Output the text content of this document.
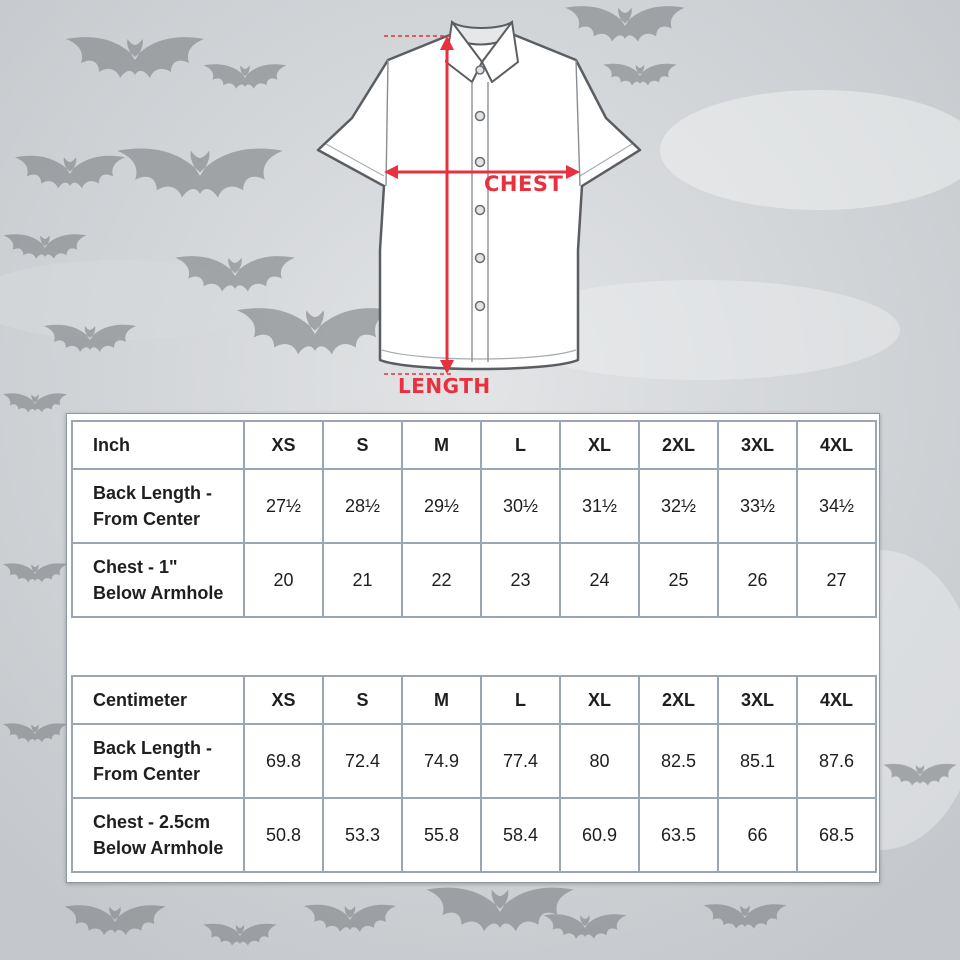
CHEST
LENGTH
Inch	XS	S	M	L	XL	2XL	3XL	4XL
Back Length -
From Center	27½	28½	29½	30½	31½	32½	33½	34½
Chest - 1"
Below Armhole	20	21	22	23	24	25	26	27
Centimeter	XS	S	M	L	XL	2XL	3XL	4XL
Back Length -
From Center	69.8	72.4	74.9	77.4	80	82.5	85.1	87.6
Chest - 2.5cm
Below Armhole	50.8	53.3	55.8	58.4	60.9	63.5	66	68.5
